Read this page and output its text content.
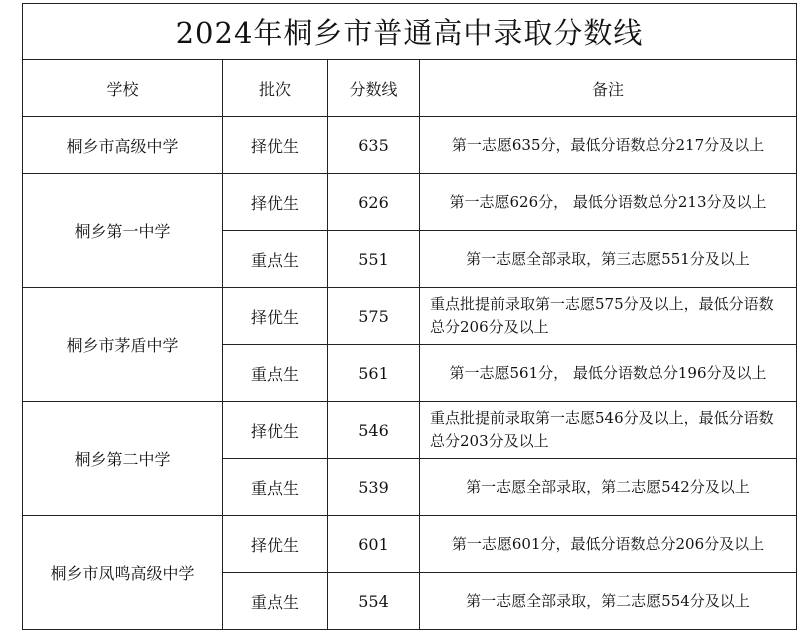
2024年桐乡市普通高中录取分数线			
学校	批次	分数线	备注
桐乡市高级中学	择优生	635	第一志愿635分，最低分语数总分217分及以上
桐乡第一中学	择优生	626	第一志愿626分， 最低分语数总分213分及以上
	重点生	551	第一志愿全部录取，第三志愿551分及以上
桐乡市茅盾中学	择优生	575	重点批提前录取第一志愿575分及以上，最低分语数总分206分及以上
	重点生	561	第一志愿561分， 最低分语数总分196分及以上
桐乡第二中学	择优生	546	重点批提前录取第一志愿546分及以上，最低分语数总分203分及以上
	重点生	539	第一志愿全部录取，第二志愿542分及以上
桐乡市凤鸣高级中学	择优生	601	第一志愿601分，最低分语数总分206分及以上
	重点生	554	第一志愿全部录取，第二志愿554分及以上
